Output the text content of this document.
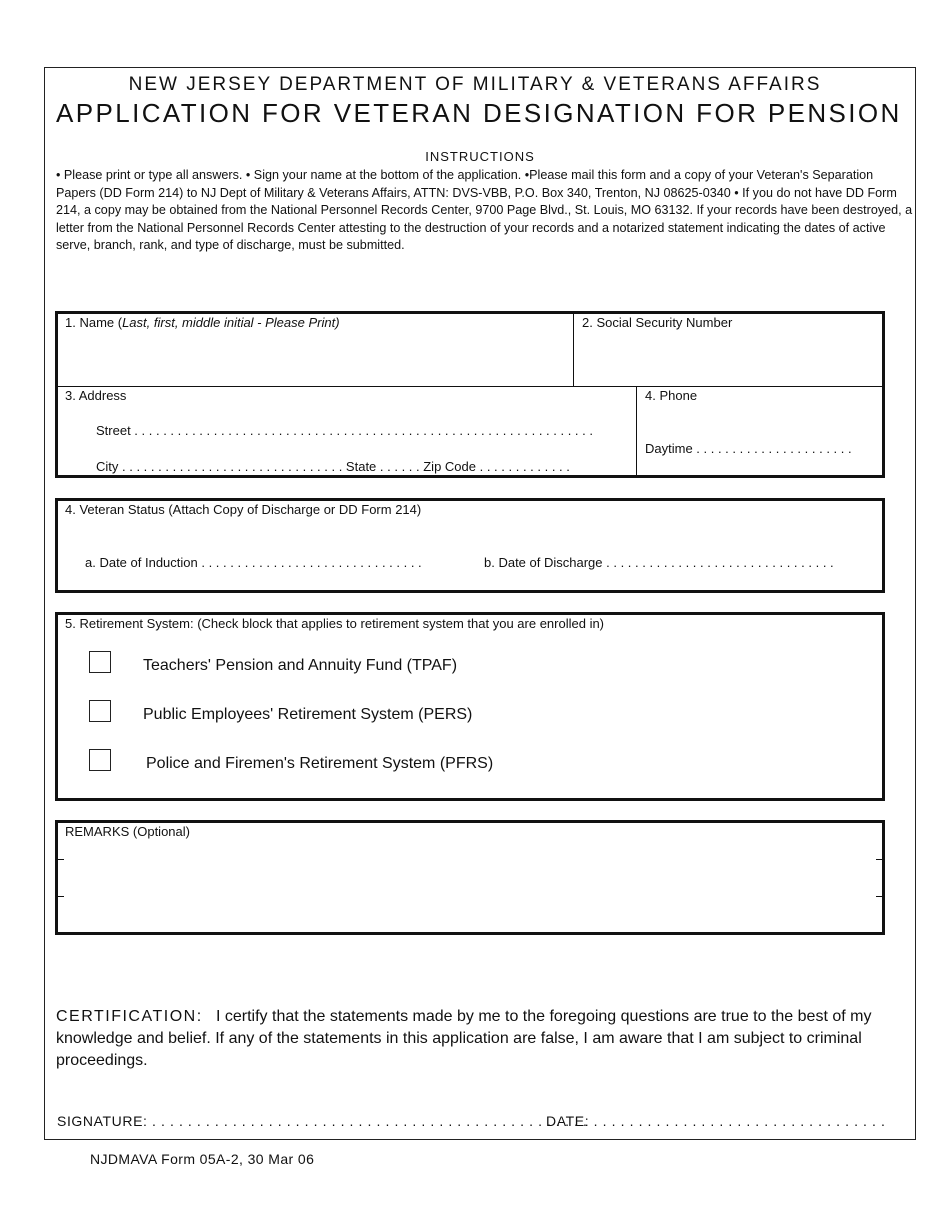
NEW JERSEY DEPARTMENT OF MILITARY & VETERANS AFFAIRS
APPLICATION FOR VETERAN DESIGNATION FOR PENSION
INSTRUCTIONS
• Please print or type all answers. • Sign your name at the bottom of the application. •Please mail this form and a copy of your Veteran's Separation Papers (DD Form 214) to NJ Dept of Military & Veterans Affairs, ATTN: DVS-VBB, P.O. Box 340, Trenton, NJ 08625-0340 • If you do not have DD Form 214, a copy may be obtained from the National Personnel Records Center, 9700 Page Blvd., St. Louis, MO 63132. If your records have been destroyed, a letter from the National Personnel Records Center attesting to the destruction of your records and a notarized statement indicating the dates of active serve, branch, rank, and type of discharge, must be submitted.
1. Name (Last, first, middle initial - Please Print)	2. Social Security Number
3. Address
Street . . . . . . . . . . . . . . . . . . . . . . . . . . . . . . . . . . . . . . . . . . . . . . . . . . . . . . . . . . . . . . . .
City . . . . . . . . . . . . . . . . . . . . . . . . . . . . . . . State . . . . . . Zip Code . . . . . . . . . . . . .
4. Phone
Daytime . . . . . . . . . . . . . . . . . . . . . .
4. Veteran Status (Attach Copy of Discharge or DD Form 214)
a. Date of Induction . . . . . . . . . . . . . . . . . . . . . . . . . . . . . . .	b. Date of Discharge . . . . . . . . . . . . . . . . . . . . . . . . . . . . . . . .
5. Retirement System: (Check block that applies to retirement system that you are enrolled in)
Teachers' Pension and Annuity Fund (TPAF)
Public Employees' Retirement System (PERS)
Police and Firemen's Retirement System (PFRS)
REMARKS (Optional)
CERTIFICATION: I certify that the statements made by me to the foregoing questions are true to the best of my knowledge and belief. If any of the statements in this application are false, I am aware that I am subject to criminal proceedings.
SIGNATURE: . . . . . . . . . . . . . . . . . . . . . . . . . . . . . . . . . . . . . . . . . . . . . . . . .
DATE: . . . . . . . . . . . . . . . . . . . . . . . . . . . . . . . . .
NJDMAVA Form 05A-2, 30 Mar 06
